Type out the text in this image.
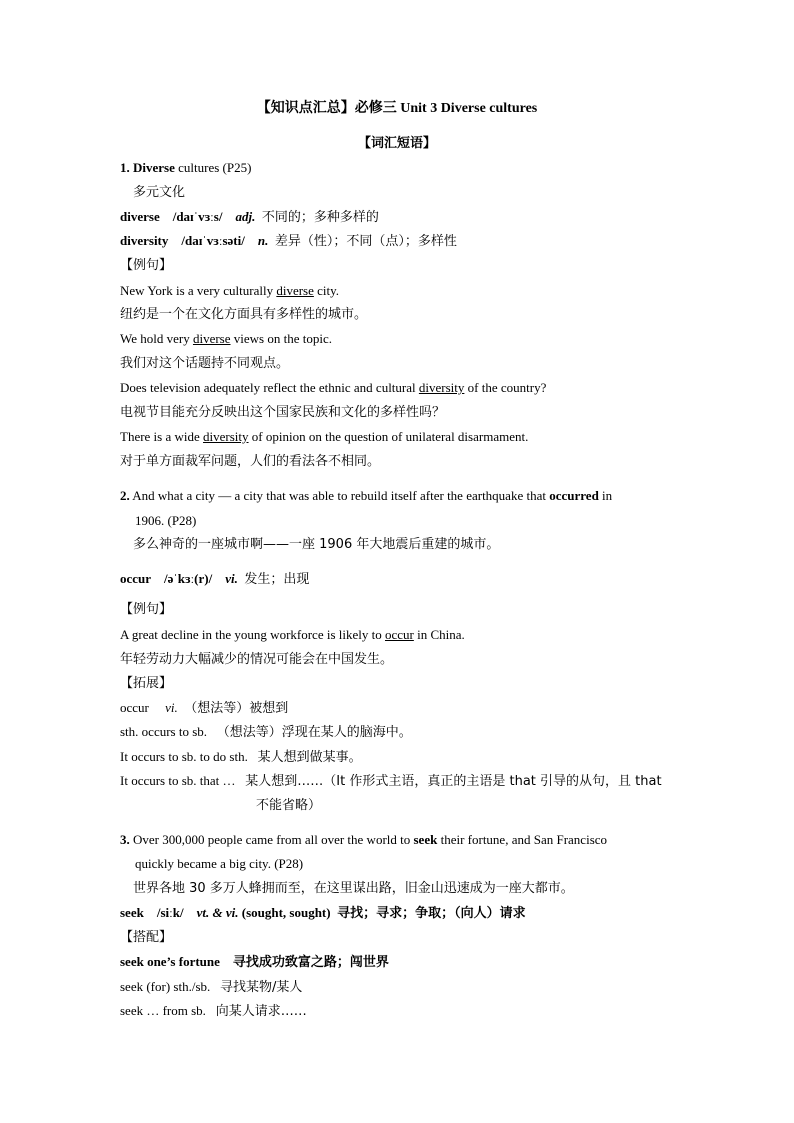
【知识点汇总】必修三 Unit 3 Diverse cultures
【词汇短语】
1. Diverse cultures (P25)
多元文化
diverse /daɪˈvɜːs/ adj. 不同的；多种多样的
diversity /daɪˈvɜːsəti/ n. 差异（性）；不同（点）；多样性
【例句】
New York is a very culturally diverse city.
纽约是一个在文化方面具有多样性的城市。
We hold very diverse views on the topic.
我们对这个话题持不同观点。
Does television adequately reflect the ethnic and cultural diversity of the country?
电视节目能充分反映出这个国家民族和文化的多样性吗？
There is a wide diversity of opinion on the question of unilateral disarmament.
对于单方面裁军问题，人们的看法各不相同。
2. And what a city — a city that was able to rebuild itself after the earthquake that occurred in
1906. (P28)
多么神奇的一座城市啊——一座 1906 年大地震后重建的城市。
occur /əˈkɜː(r)/ vi. 发生；出现
【例句】
A great decline in the young workforce is likely to occur in China.
年轻劳动力大幅减少的情况可能会在中国发生。
【拓展】
occur vi. （想法等）被想到
sth. occurs to sb. （想法等）浮现在某人的脑海中。
It occurs to sb. to do sth. 某人想到做某事。
It occurs to sb. that … 某人想到……（It 作形式主语，真正的主语是 that 引导的从句，且 that
不能省略）
3. Over 300,000 people came from all over the world to seek their fortune, and San Francisco
quickly became a big city. (P28)
世界各地 30 多万人蜂拥而至，在这里谋出路，旧金山迅速成为一座大都市。
seek /siːk/ vt. & vi. (sought, sought) 寻找；寻求；争取；（向人）请求
【搭配】
seek one’s fortune 寻找成功致富之路；闯世界
seek (for) sth./sb. 寻找某物/某人
seek … from sb. 向某人请求……
